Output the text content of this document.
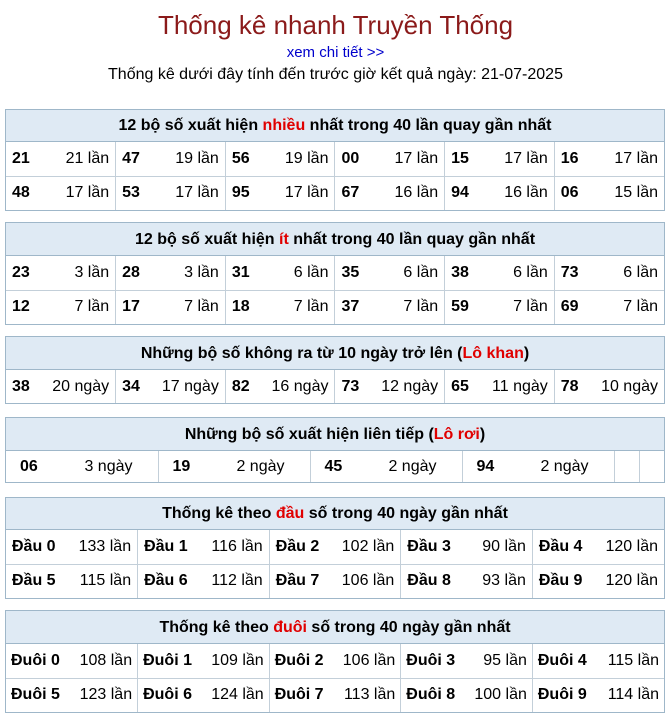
Thống kê nhanh Truyền Thống
xem chi tiết >>
Thống kê dưới đây tính đến trước giờ kết quả ngày: 21-07-2025
12 bộ số xuất hiện nhiều nhất trong 40 lần quay gần nhất
21 21 lần	47 19 lần	56 19 lần	00 17 lần	15 17 lần	16 17 lần

48 17 lần	53 17 lần	95 17 lần	67 16 lần	94 16 lần	06 15 lần
12 bộ số xuất hiện ít nhất trong 40 lần quay gần nhất
23 3 lần	28 3 lần	31 6 lần	35 6 lần	38 6 lần	73 6 lần

12 7 lần	17 7 lần	18 7 lần	37 7 lần	59 7 lần	69 7 lần
Những bộ số không ra từ 10 ngày trở lên (Lô khan)
38 20 ngày	34 17 ngày	82 16 ngày	73 12 ngày	65 11 ngày	78 10 ngày
Những bộ số xuất hiện liên tiếp (Lô rơi)
06	3 ngày	19	2 ngày	45	2 ngày	94	2 ngày

Thống kê theo đầu số trong 40 ngày gần nhất
Đầu 0 133 lần	Đầu 1 116 lần	Đầu 2 102 lần	Đầu 3 90 lần	Đầu 4 120 lần

Đầu 5 115 lần	Đầu 6 112 lần	Đầu 7 106 lần	Đầu 8 93 lần	Đầu 9 120 lần
Thống kê theo đuôi số trong 40 ngày gần nhất
Đuôi 0 108 lần	Đuôi 1 109 lần	Đuôi 2 106 lần	Đuôi 3 95 lần	Đuôi 4 115 lần

Đuôi 5 123 lần	Đuôi 6 124 lần	Đuôi 7 113 lần	Đuôi 8 100 lần	Đuôi 9 114 lần
